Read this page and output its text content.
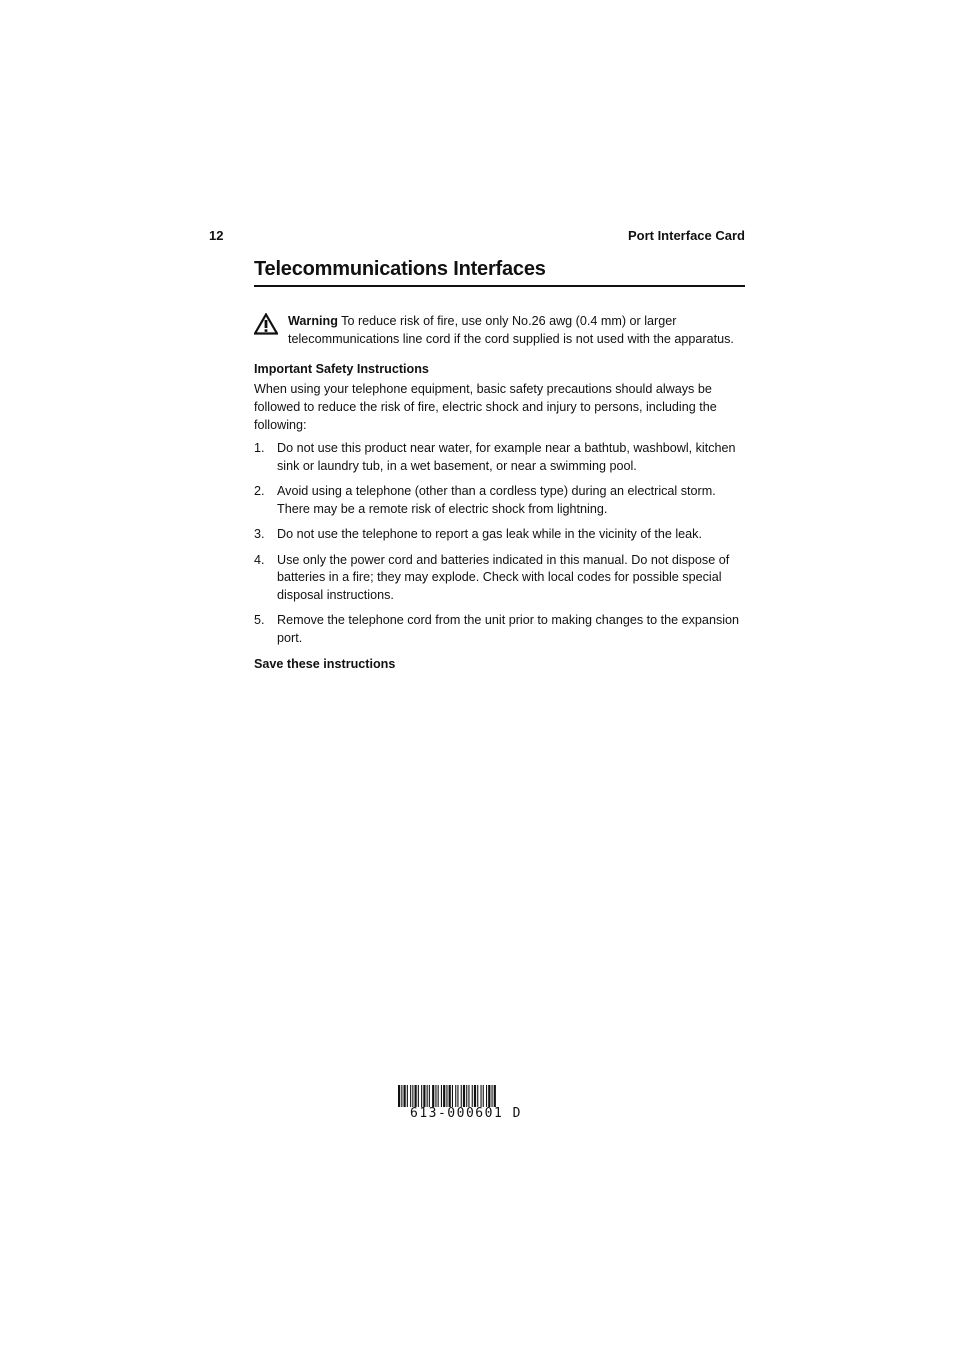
12	Port Interface Card
Telecommunications Interfaces
Warning To reduce risk of fire, use only No.26 awg (0.4 mm) or larger telecommunications line cord if the cord supplied is not used with the apparatus.
Important Safety Instructions
When using your telephone equipment, basic safety precautions should always be followed to reduce the risk of fire, electric shock and injury to persons, including the following:
1. Do not use this product near water, for example near a bathtub, washbowl, kitchen sink or laundry tub, in a wet basement, or near a swimming pool.
2. Avoid using a telephone (other than a cordless type) during an electrical storm. There may be a remote risk of electric shock from lightning.
3. Do not use the telephone to report a gas leak while in the vicinity of the leak.
4. Use only the power cord and batteries indicated in this manual. Do not dispose of batteries in a fire; they may explode. Check with local codes for possible special disposal instructions.
5. Remove the telephone cord from the unit prior to making changes to the expansion port.
Save these instructions
613-000601 D
